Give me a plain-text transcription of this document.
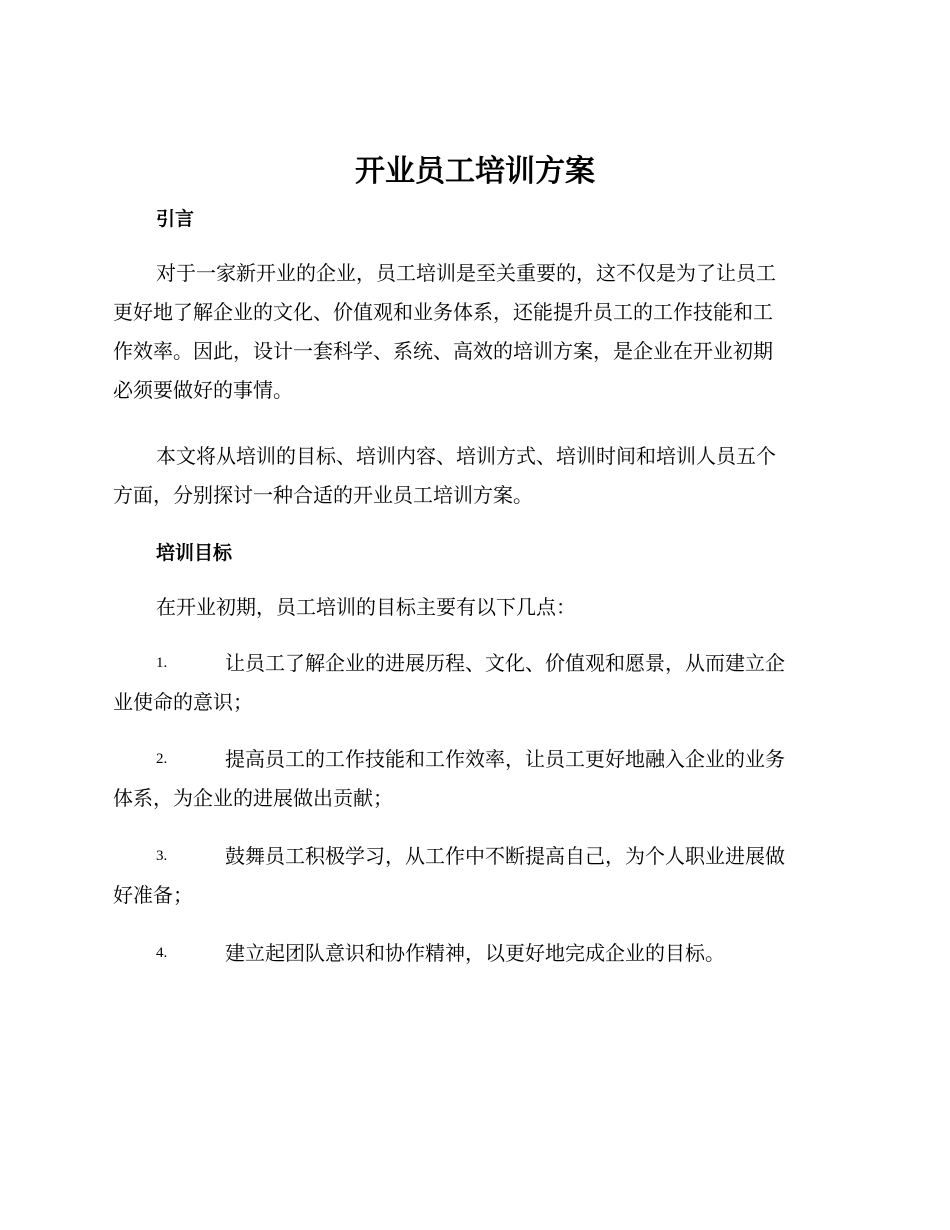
开业员工培训方案
引言

对于一家新开业的企业，员工培训是至关重要的，这不仅是为了让员工
更好地了解企业的文化、价值观和业务体系，还能提升员工的工作技能和工
作效率。因此，设计一套科学、系统、高效的培训方案，是企业在开业初期
必须要做好的事情。

本文将从培训的目标、培训内容、培训方式、培训时间和培训人员五个
方面，分别探讨一种合适的开业员工培训方案。

培训目标

在开业初期，员工培训的目标主要有以下几点：

1.	让员工了解企业的进展历程、文化、价值观和愿景，从而建立企
业使命的意识；
2.	提高员工的工作技能和工作效率，让员工更好地融入企业的业务
体系，为企业的进展做出贡献；
3.	鼓舞员工积极学习，从工作中不断提高自己，为个人职业进展做
好准备；
4.	建立起团队意识和协作精神，以更好地完成企业的目标。
